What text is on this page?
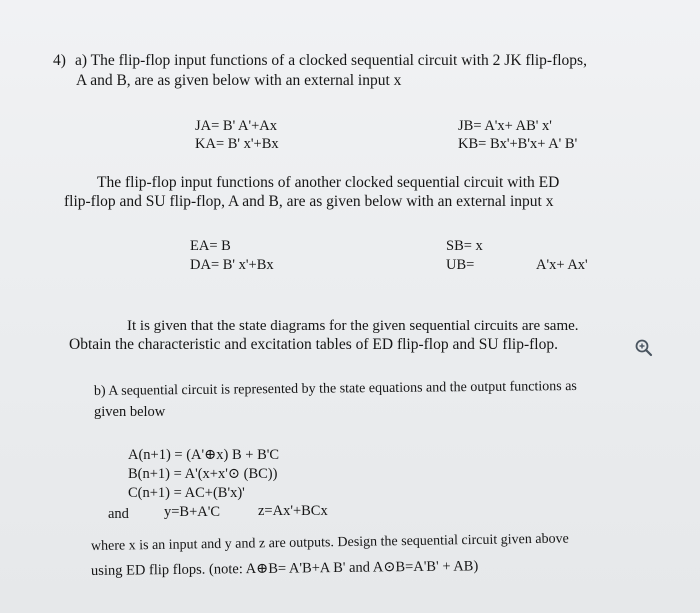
4) a) The flip-flop input functions of a clocked sequential circuit with 2 JK flip-flops,
A and B, are as given below with an external input x
JA= B' A'+Ax
KA= B' x'+Bx
JB= A'x+ AB' x'
KB= Bx'+B'x+ A' B'
The flip-flop input functions of another clocked sequential circuit with ED
flip-flop and SU flip-flop, A and B, are as given below with an external input x
EA= B
DA= B' x'+Bx
SB= x
UB=	A'x+ Ax'
It is given that the state diagrams for the given sequential circuits are same.
Obtain the characteristic and excitation tables of ED flip-flop and SU flip-flop.
b) A sequential circuit is represented by the state equations and the output functions as
given below
A(n+1) = (A'⊕x) B + B'C
B(n+1) = A'(x+x'⊙ (BC))
C(n+1) = AC+(B'x)'
and y=B+A'C	z=Ax'+BCx
where x is an input and y and z are outputs. Design the sequential circuit given above
using ED flip flops. (note: A⊕B= A'B+A B' and A⊙B=A'B' + AB)
